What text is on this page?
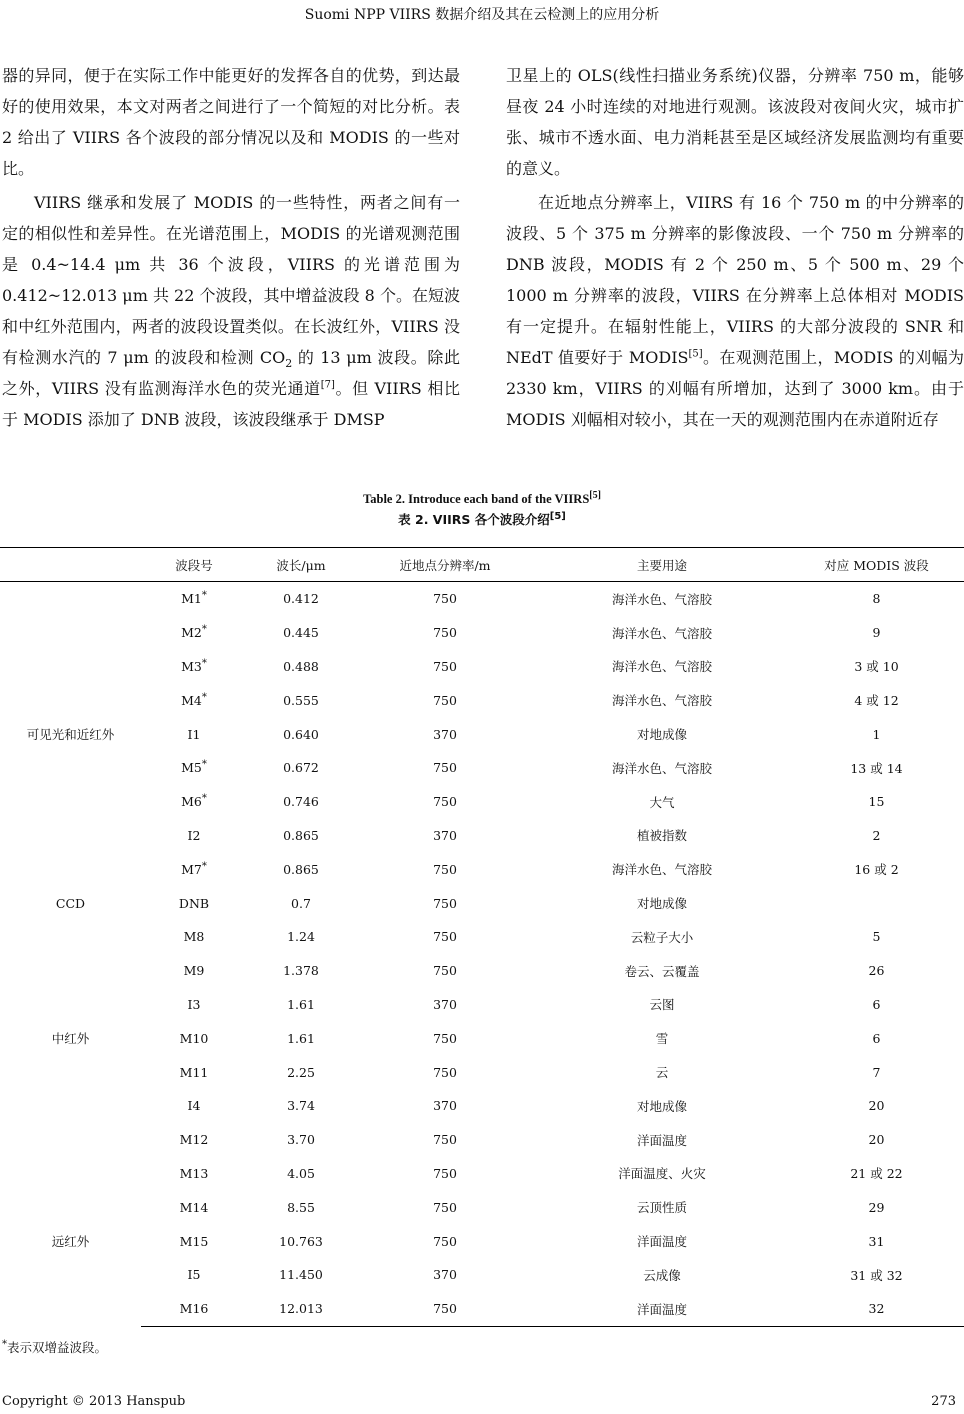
Suomi NPP VIIRS 数据介绍及其在云检测上的应用分析

器的异同，便于在实际工作中能更好的发挥各自的优势，到达最好的使用效果，本文对两者之间进行了一个简短的对比分析。表 2 给出了 VIIRS 各个波段的部分情况以及和 MODIS 的一些对比。

VIIRS 继承和发展了 MODIS 的一些特性，两者之间有一定的相似性和差异性。在光谱范围上，MODIS 的光谱观测范围是 0.4~14.4 μm 共 36 个波段，VIIRS 的光谱范围为 0.412~12.013 μm 共 22 个波段，其中增益波段 8 个。在短波和中红外范围内，两者的波段设置类似。在长波红外，VIIRS 没有检测水汽的 7 μm 的波段和检测 $CO_2$ 的 13 μm 波段。除此之外，VIIRS 没有监测海洋水色的荧光通道[7]。但 VIIRS 相比于 MODIS 添加了 DNB 波段，该波段继承于 DMSP

卫星上的 OLS(线性扫描业务系统)仪器，分辨率 750 m，能够昼夜 24 小时连续的对地进行观测。该波段对夜间火灾，城市扩张、城市不透水面、电力消耗甚至是区域经济发展监测均有重要的意义。

在近地点分辨率上，VIIRS 有 16 个 750 m 的中分辨率的波段、5 个 375 m 分辨率的影像波段、一个 750 m 分辨率的 DNB 波段，MODIS 有 2 个 250 m、5 个 500 m、29 个 1000 m 分辨率的波段，VIIRS 在分辨率上总体相对 MODIS 有一定提升。在辐射性能上，VIIRS 的大部分波段的 SNR 和 NEdT 值要好于 MODIS[5]。在观测范围上，MODIS 的刈幅为 2330 km，VIIRS 的刈幅有所增加，达到了 3000 km。由于 MODIS 刈幅相对较小，其在一天的观测范围内在赤道附近存

Table 2. Introduce each band of the VIIRS[5]
表 2. VIIRS 各个波段介绍[5]
	波段号	波长/μm	近地点分辨率/m	主要用途	对应 MODIS 波段
可见光和近红外	M1*	0.412	750	海洋水色、气溶胶	8
	M2*	0.445	750	海洋水色、气溶胶	9
	M3*	0.488	750	海洋水色、气溶胶	3 或 10
	M4*	0.555	750	海洋水色、气溶胶	4 或 12
	I1	0.640	370	对地成像	1
	M5*	0.672	750	海洋水色、气溶胶	13 或 14
	M6*	0.746	750	大气	15
	I2	0.865	370	植被指数	2
	M7*	0.865	750	海洋水色、气溶胶	16 或 2
CCD	DNB	0.7	750	对地成像	
中红外	M8	1.24	750	云粒子大小	5
	M9	1.378	750	卷云、云覆盖	26
	I3	1.61	370	云图	6
	M10	1.61	750	雪	6
	M11	2.25	750	云	7
	I4	3.74	370	对地成像	20
	M12	3.70	750	洋面温度	20
远红外	M13	4.05	750	洋面温度、火灾	21 或 22
	M14	8.55	750	云顶性质	29
	M15	10.763	750	洋面温度	31
	I5	11.450	370	云成像	31 或 32
	M16	12.013	750	洋面温度	32
*表示双增益波段。
Copyright © 2013 Hanspub	273
